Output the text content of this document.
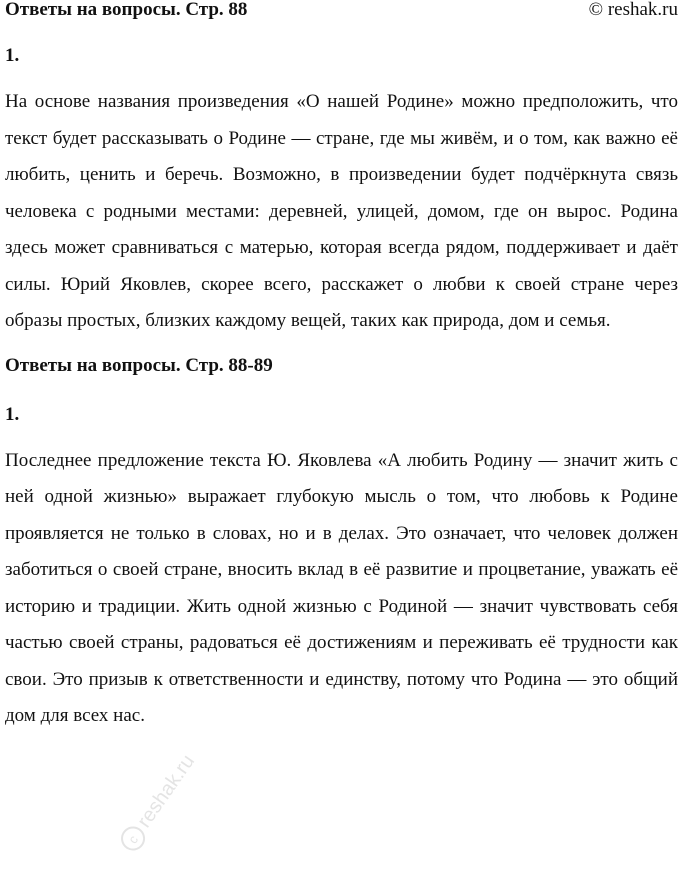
Ответы на вопросы. Стр. 88	© reshak.ru

1.

На основе названия произведения «О нашей Родине» можно предположить, что текст будет рассказывать о Родине — стране, где мы живём, и о том, как важно её любить, ценить и беречь. Возможно, в произведении будет подчёркнута связь человека с родными местами: деревней, улицей, домом, где он вырос. Родина здесь может сравниваться с матерью, которая всегда рядом, поддерживает и даёт силы. Юрий Яковлев, скорее всего, расскажет о любви к своей стране через образы простых, близких каждому вещей, таких как природа, дом и семья.

Ответы на вопросы. Стр. 88-89

1.

Последнее предложение текста Ю. Яковлева «А любить Родину — значит жить с ней одной жизнью» выражает глубокую мысль о том, что любовь к Родине проявляется не только в словах, но и в делах. Это означает, что человек должен заботиться о своей стране, вносить вклад в её развитие и процветание, уважать её историю и традиции. Жить одной жизнью с Родиной — значит чувствовать себя частью своей страны, радоваться её достижениям и переживать её трудности как свои. Это призыв к ответственности и единству, потому что Родина — это общий дом для всех нас.

c
reshak.ru
